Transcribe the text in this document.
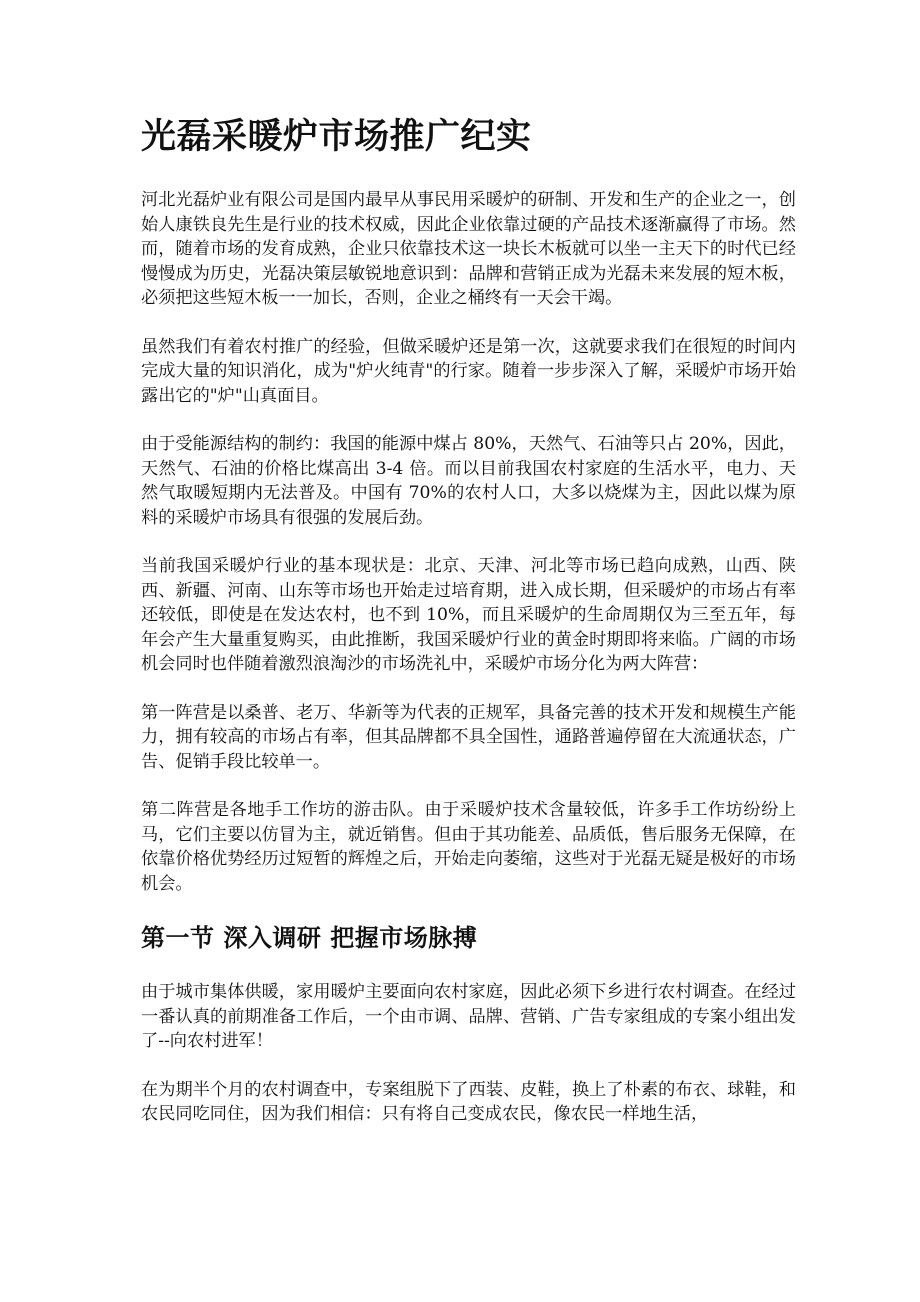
光磊采暖炉市场推广纪实

河北光磊炉业有限公司是国内最早从事民用采暖炉的研制、开发和生产的企业之一，创始人康铁良先生是行业的技术权威，因此企业依靠过硬的产品技术逐渐赢得了市场。然而，随着市场的发育成熟，企业只依靠技术这一块长木板就可以坐一主天下的时代已经慢慢成为历史，光磊决策层敏锐地意识到：品牌和营销正成为光磊未来发展的短木板，必须把这些短木板一一加长，否则，企业之桶终有一天会干竭。

虽然我们有着农村推广的经验，但做采暖炉还是第一次，这就要求我们在很短的时间内完成大量的知识消化，成为"炉火纯青"的行家。随着一步步深入了解，采暖炉市场开始露出它的"炉"山真面目。

由于受能源结构的制约：我国的能源中煤占 80%，天然气、石油等只占 20%，因此，天然气、石油的价格比煤高出 3-4 倍。而以目前我国农村家庭的生活水平，电力、天然气取暖短期内无法普及。中国有 70%的农村人口，大多以烧煤为主，因此以煤为原料的采暖炉市场具有很强的发展后劲。

当前我国采暖炉行业的基本现状是：北京、天津、河北等市场已趋向成熟，山西、陕西、新疆、河南、山东等市场也开始走过培育期，进入成长期，但采暖炉的市场占有率还较低，即使是在发达农村，也不到 10%，而且采暖炉的生命周期仅为三至五年，每年会产生大量重复购买，由此推断，我国采暖炉行业的黄金时期即将来临。广阔的市场机会同时也伴随着激烈浪淘沙的市场洗礼中，采暖炉市场分化为两大阵营：

第一阵营是以桑普、老万、华新等为代表的正规军，具备完善的技术开发和规模生产能力，拥有较高的市场占有率，但其品牌都不具全国性，通路普遍停留在大流通状态，广告、促销手段比较单一。

第二阵营是各地手工作坊的游击队。由于采暖炉技术含量较低，许多手工作坊纷纷上马，它们主要以仿冒为主，就近销售。但由于其功能差、品质低，售后服务无保障，在依靠价格优势经历过短暂的辉煌之后，开始走向萎缩，这些对于光磊无疑是极好的市场机会。

第一节 深入调研 把握市场脉搏

由于城市集体供暖，家用暖炉主要面向农村家庭，因此必须下乡进行农村调查。在经过一番认真的前期准备工作后，一个由市调、品牌、营销、广告专家组成的专案小组出发了--向农村进军！

在为期半个月的农村调查中，专案组脱下了西装、皮鞋，换上了朴素的布衣、球鞋，和农民同吃同住，因为我们相信：只有将自己变成农民，像农民一样地生活，
